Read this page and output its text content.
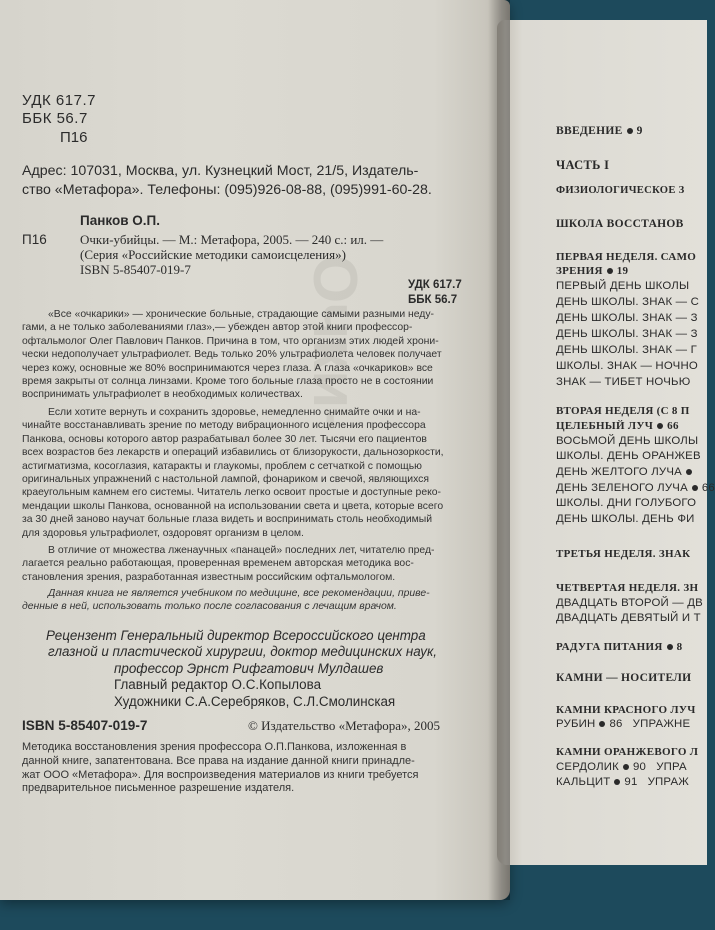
Очки-
УДК 617.7
ББК 56.7
П16
Адрес: 107031, Москва, ул. Кузнецкий Мост, 21/5, Издатель-
ство «Метафора». Телефоны: (095)926-08-88, (095)991-60-28.
Панков О.П.
П16	Очки-убийцы. — М.: Метафора, 2005. — 240 с.: ил. —
(Серия «Российские методики самоисцеления»)
ISBN 5-85407-019-7
УДК 617.7
ББК 56.7

«Все «очкарики» — хронические больные, страдающие самыми разными неду-

гами, а не только заболеваниями глаз»,— убежден автор этой книги профессор-

офтальмолог Олег Павлович Панков. Причина в том, что организм этих людей хрони-

чески недополучает ультрафиолет. Ведь только 20% ультрафиолета человек получает

через кожу, основные же 80% воспринимаются через глаза. А глаза «очкариков» все

время закрыты от солнца линзами. Кроме того больные глаза просто не в состоянии

воспринимать ультрафиолет в необходимых количествах.

Если хотите вернуть и сохранить здоровье, немедленно снимайте очки и на-

чинайте восстанавливать зрение по методу вибрационного исцеления профессора

Панкова, основы которого автор разрабатывал более 30 лет. Тысячи его пациентов

всех возрастов без лекарств и операций избавились от близорукости, дальнозоркости,

астигматизма, косоглазия, катаракты и глаукомы, проблем с сетчаткой с помощью

оригинальных упражнений с настольной лампой, фонариком и свечой, являющихся

краеугольным камнем его системы. Читатель легко освоит простые и доступные реко-

мендации школы Панкова, основанной на использовании света и цвета, которые всего

за 30 дней заново научат больные глаза видеть и воспринимать столь необходимый

для здоровья ультрафиолет, оздоровят организм в целом.

В отличие от множества лженаучных «панацей» последних лет, читателю пред-

лагается реально работающая, проверенная временем авторская методика вос-

становления зрения, разработанная известным российским офтальмологом.

Данная книга не является учебником по медицине, все рекомендации, приве-

денные в ней, использовать только после согласования с лечащим врачом.

Рецензент Генеральный директор Всероссийского центра

глазной и пластической хирургии, доктор медицинских наук,

профессор Эрнст Рифгатович Мулдашев

Главный редактор О.С.Копылова

Художники С.А.Серебряков, С.Л.Смолинская

ISBN 5-85407-019-7	© Издательство «Метафора», 2005

Методика восстановления зрения профессора О.П.Панкова, изложенная в

данной книге, запатентована. Все права на издание данной книги принадле-

жат ООО «Метафора». Для воспроизведения материалов из книги требуется

предварительное письменное разрешение издателя.

ВВЕДЕНИЕ 9
ЧАСТЬ I
ФИЗИОЛОГИЧЕСКОЕ З
ШКОЛА ВОССТАНОВ
ПЕРВАЯ НЕДЕЛЯ. САМО
ЗРЕНИЯ 19
ПЕРВЫЙ ДЕНЬ ШКОЛЫ
ДЕНЬ ШКОЛЫ. ЗНАК — С
ДЕНЬ ШКОЛЫ. ЗНАК — З
ДЕНЬ ШКОЛЫ. ЗНАК — З
ДЕНЬ ШКОЛЫ. ЗНАК — Г
ШКОЛЫ. ЗНАК — НОЧНО
ЗНАК — ТИБЕТ НОЧЬЮ
ВТОРАЯ НЕДЕЛЯ (С 8 П
ЦЕЛЕБНЫЙ ЛУЧ 66
ВОСЬМОЙ ДЕНЬ ШКОЛЫ
ШКОЛЫ. ДЕНЬ ОРАНЖЕВ
ДЕНЬ ЖЕЛТОГО ЛУЧА
ДЕНЬ ЗЕЛЕНОГО ЛУЧА 66
ШКОЛЫ. ДНИ ГОЛУБОГО
ДЕНЬ ШКОЛЫ. ДЕНЬ ФИ
ТРЕТЬЯ НЕДЕЛЯ. ЗНАК
ЧЕТВЕРТАЯ НЕДЕЛЯ. ЗН
ДВАДЦАТЬ ВТОРОЙ — ДВ
ДВАДЦАТЬ ДЕВЯТЫЙ И Т
РАДУГА ПИТАНИЯ 8
КАМНИ — НОСИТЕЛИ
КАМНИ КРАСНОГО ЛУЧ
РУБИН 86 УПРАЖНЕ
КАМНИ ОРАНЖЕВОГО Л
СЕРДОЛИК 90 УПРА
КАЛЬЦИТ 91 УПРАЖ
